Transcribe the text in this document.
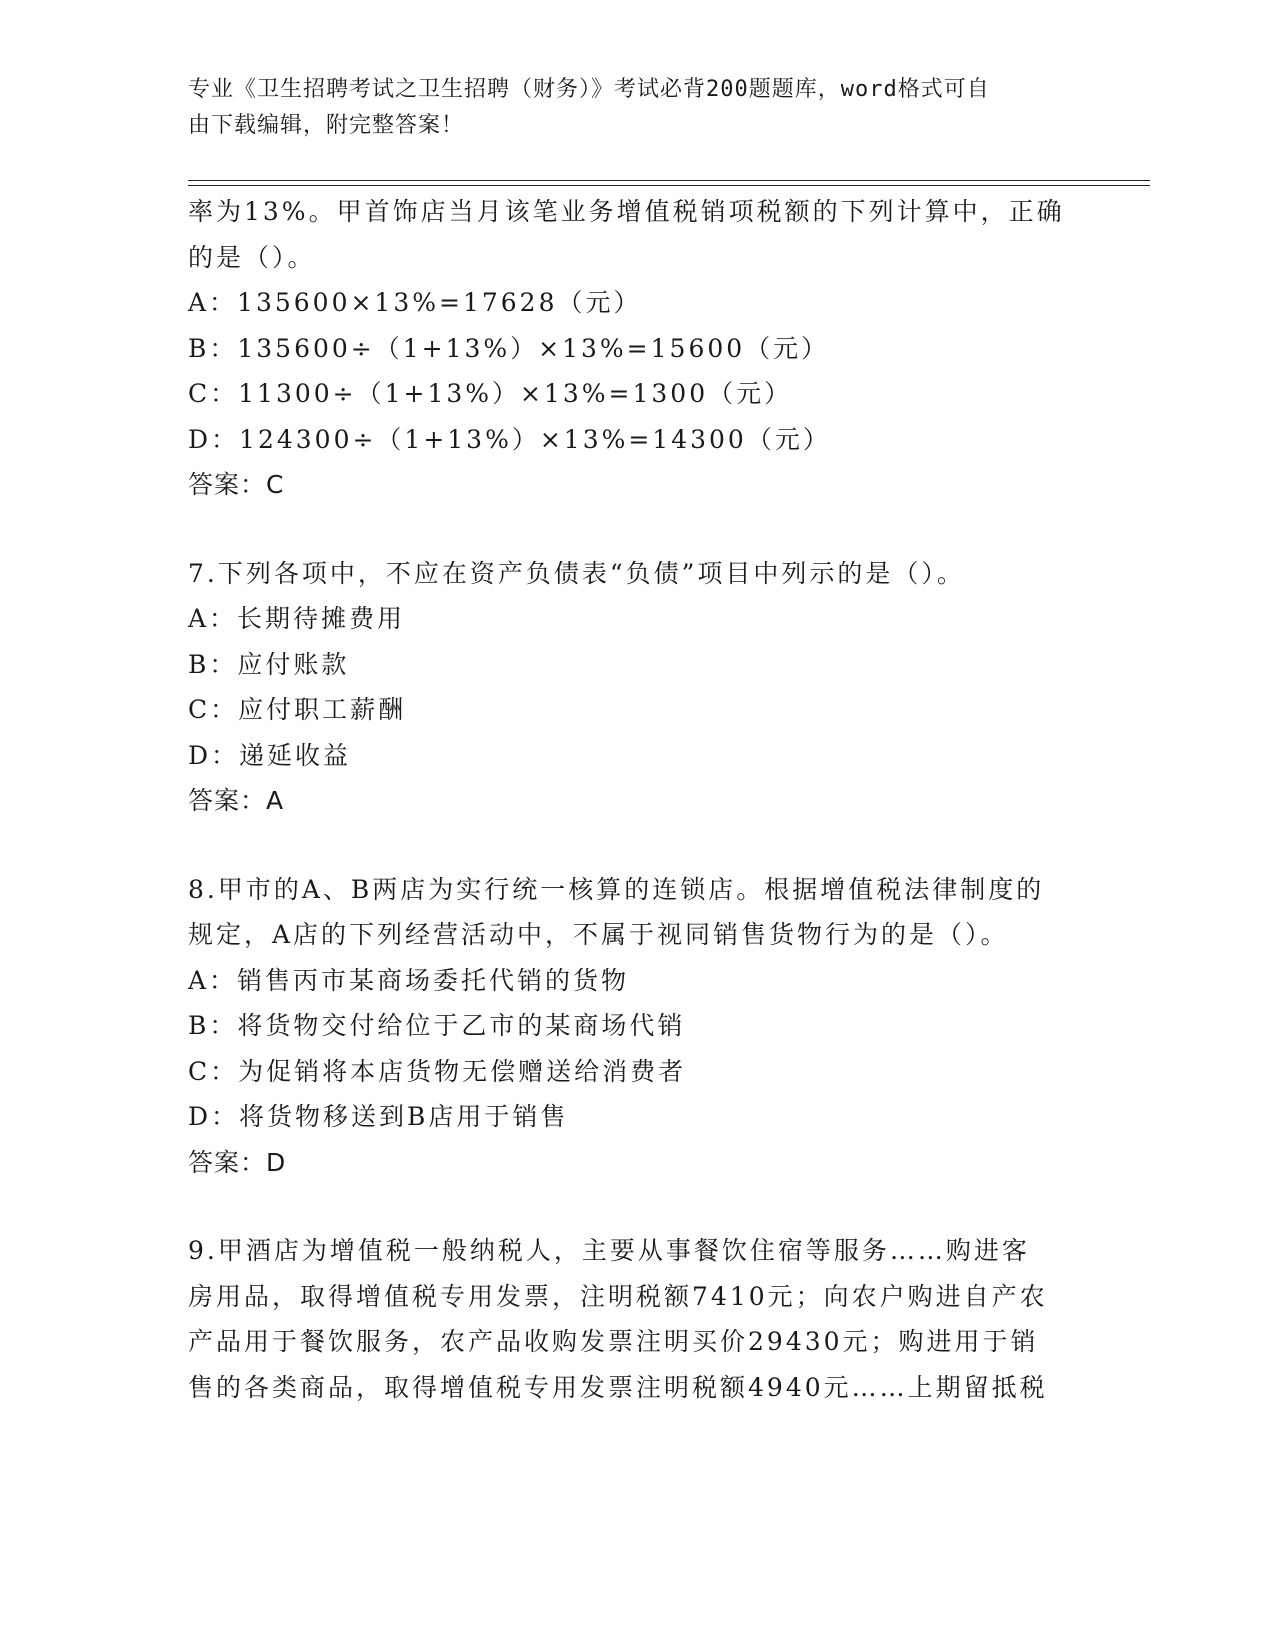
专业《卫生招聘考试之卫生招聘（财务）》考试必背200题题库，word格式可自
由下载编辑，附完整答案！
率为13%。甲首饰店当月该笔业务增值税销项税额的下列计算中，正确
的是（）。
A：135600×13%=17628（元）
B：135600÷（1+13%）×13%=15600（元）
C：11300÷（1+13%）×13%=1300（元）
D：124300÷（1+13%）×13%=14300（元）
答案：C
7.下列各项中，不应在资产负债表“负债”项目中列示的是（）。
A：长期待摊费用
B：应付账款
C：应付职工薪酬
D：递延收益
答案：A
8.甲市的A、B两店为实行统一核算的连锁店。根据增值税法律制度的
规定，A店的下列经营活动中，不属于视同销售货物行为的是（）。
A：销售丙市某商场委托代销的货物
B：将货物交付给位于乙市的某商场代销
C：为促销将本店货物无偿赠送给消费者
D：将货物移送到B店用于销售
答案：D
9.甲酒店为增值税一般纳税人，主要从事餐饮住宿等服务……购进客
房用品，取得增值税专用发票，注明税额7410元；向农户购进自产农
产品用于餐饮服务，农产品收购发票注明买价29430元；购进用于销
售的各类商品，取得增值税专用发票注明税额4940元……上期留抵税
